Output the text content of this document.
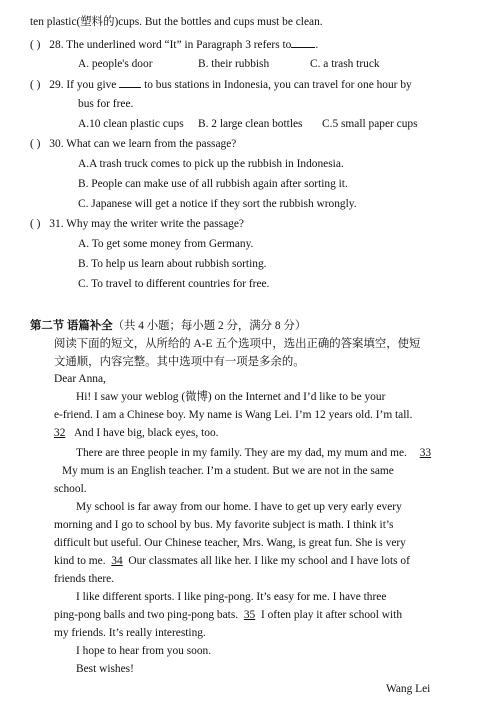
ten plastic(塑料的)cups. But the bottles and cups must be clean.
( ) 28. The underlined word “It” in Paragraph 3 refers to .
A. people's door	B. their rubbish	C. a trash truck
( ) 29. If you give to bus stations in Indonesia, you can travel for one hour by
bus for free.
A.10 clean plastic cups B. 2 large clean bottles C.5 small paper cups
( ) 30. What can we learn from the passage?
A.A trash truck comes to pick up the rubbish in Indonesia.
B. People can make use of all rubbish again after sorting it.
C. Japanese will get a notice if they sort the rubbish wrongly.
( ) 31. Why may the writer write the passage?
A. To get some money from Germany.
B. To help us learn about rubbish sorting.
C. To travel to different countries for free.
第二节 语篇补全（共 4 小题；每小题 2 分，满分 8 分）
阅读下面的短文，从所给的 A-E 五个选项中，选出正确的答案填空，使短
文通顺，内容完整。其中选项中有一项是多余的。
Dear Anna,
Hi! I saw your weblog (微博) on the Internet and I’d like to be your
e-friend. I am a Chinese boy. My name is Wang Lei. I’m 12 years old. I’m tall.
32 And I have big, black eyes, too.
There are three people in my family. They are my dad, my mum and me. 33
My mum is an English teacher. I’m a student. But we are not in the same
school.
My school is far away from our home. I have to get up very early every
morning and I go to school by bus. My favorite subject is math. I think it’s
difficult but useful. Our Chinese teacher, Mrs. Wang, is great fun. She is very
kind to me. 34 Our classmates all like her. I like my school and I have lots of
friends there.
I like different sports. I like ping-pong. It’s easy for me. I have three
ping-pong balls and two ping-pong bats. 35 I often play it after school with
my friends. It’s really interesting.
I hope to hear from you soon.
Best wishes!
Wang Lei
